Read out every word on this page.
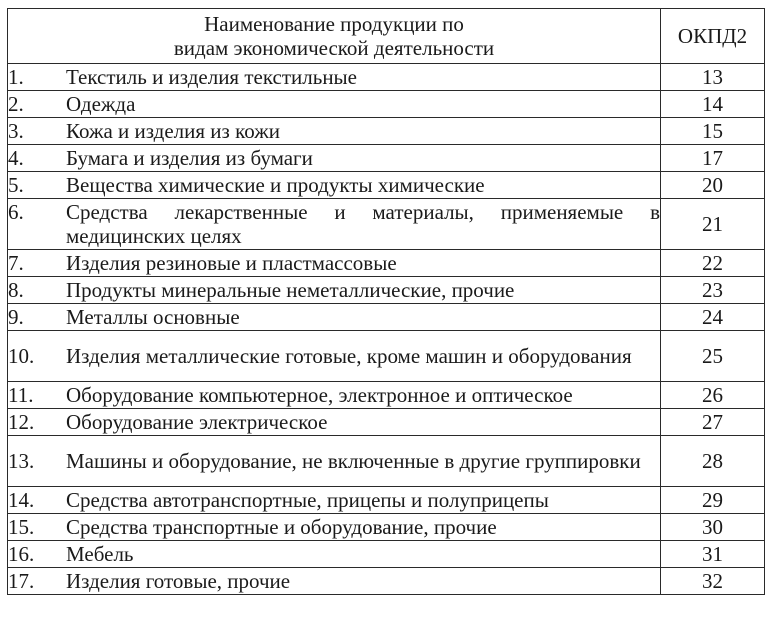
Наименование продукции по
видам экономической деятельности	ОКПД2

1. Текстиль и изделия текстильные	13

2. Одежда	14

3. Кожа и изделия из кожи	15

4. Бумага и изделия из бумаги	17

5. Вещества химические и продукты химические	20

6. Средства лекарственные и материалы, применяемые в медицинских целях	21

7. Изделия резиновые и пластмассовые	22

8. Продукты минеральные неметаллические, прочие	23

9. Металлы основные	24

10. Изделия металлические готовые, кроме машин и оборудования	25

11. Оборудование компьютерное, электронное и оптическое	26

12. Оборудование электрическое	27

13. Машины и оборудование, не включенные в другие группировки	28

14. Средства автотранспортные, прицепы и полуприцепы	29

15. Средства транспортные и оборудование, прочие	30

16. Мебель	31

17. Изделия готовые, прочие	32
